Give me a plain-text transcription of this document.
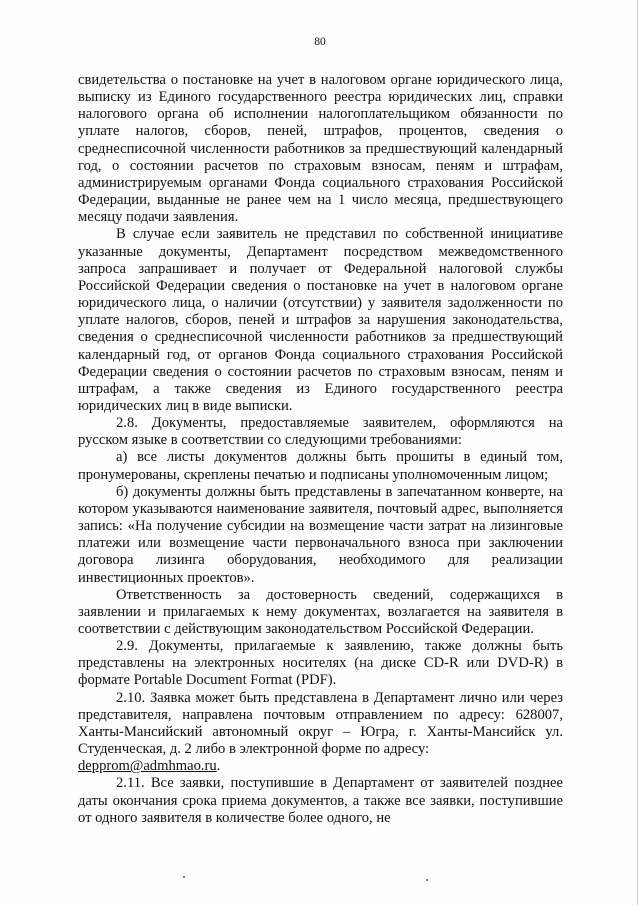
80

свидетельства о постановке на учет в налоговом органе юридического лица, выписку из Единого государственного реестра юридических лиц, справки налогового органа об исполнении налогоплательщиком обязанности по уплате налогов, сборов, пеней, штрафов, процентов, сведения о среднесписочной численности работников за предшествующий календарный год, о состоянии расчетов по страховым взносам, пеням и штрафам, администрируемым органами Фонда социального страхования Российской Федерации, выданные не ранее чем на 1 число месяца, предшествующего месяцу подачи заявления.

В случае если заявитель не представил по собственной инициативе указанные документы, Департамент посредством межведомственного запроса запрашивает и получает от Федеральной налоговой службы Российской Федерации сведения о постановке на учет в налоговом органе юридического лица, о наличии (отсутствии) у заявителя задолженности по уплате налогов, сборов, пеней и штрафов за нарушения законодательства, сведения о среднесписочной численности работников за предшествующий календарный год, от органов Фонда социального страхования Российской Федерации сведения о состоянии расчетов по страховым взносам, пеням и штрафам, а также сведения из Единого государственного реестра юридических лиц в виде выписки.

2.8. Документы, предоставляемые заявителем, оформляются на русском языке в соответствии со следующими требованиями:

а) все листы документов должны быть прошиты в единый том, пронумерованы, скреплены печатью и подписаны уполномоченным лицом;

б) документы должны быть представлены в запечатанном конверте, на котором указываются наименование заявителя, почтовый адрес, выполняется запись: «На получение субсидии на возмещение части затрат на лизинговые платежи или возмещение части первоначального взноса при заключении договора лизинга оборудования, необходимого для реализации инвестиционных проектов».

Ответственность за достоверность сведений, содержащихся в заявлении и прилагаемых к нему документах, возлагается на заявителя в соответствии с действующим законодательством Российской Федерации.

2.9. Документы, прилагаемые к заявлению, также должны быть представлены на электронных носителях (на диске CD-R или DVD-R) в формате Portable Document Format (PDF).

2.10. Заявка может быть представлена в Департамент лично или через представителя, направлена почтовым отправлением по адресу: 628007, Ханты-Мансийский автономный округ – Югра, г. Ханты-Мансийск ул. Студенческая, д. 2 либо в электронной форме по адресу:
depprom@admhmao.ru.

2.11. Все заявки, поступившие в Департамент от заявителей позднее даты окончания срока приема документов, а также все заявки, поступившие от одного заявителя в количестве более одного, не
